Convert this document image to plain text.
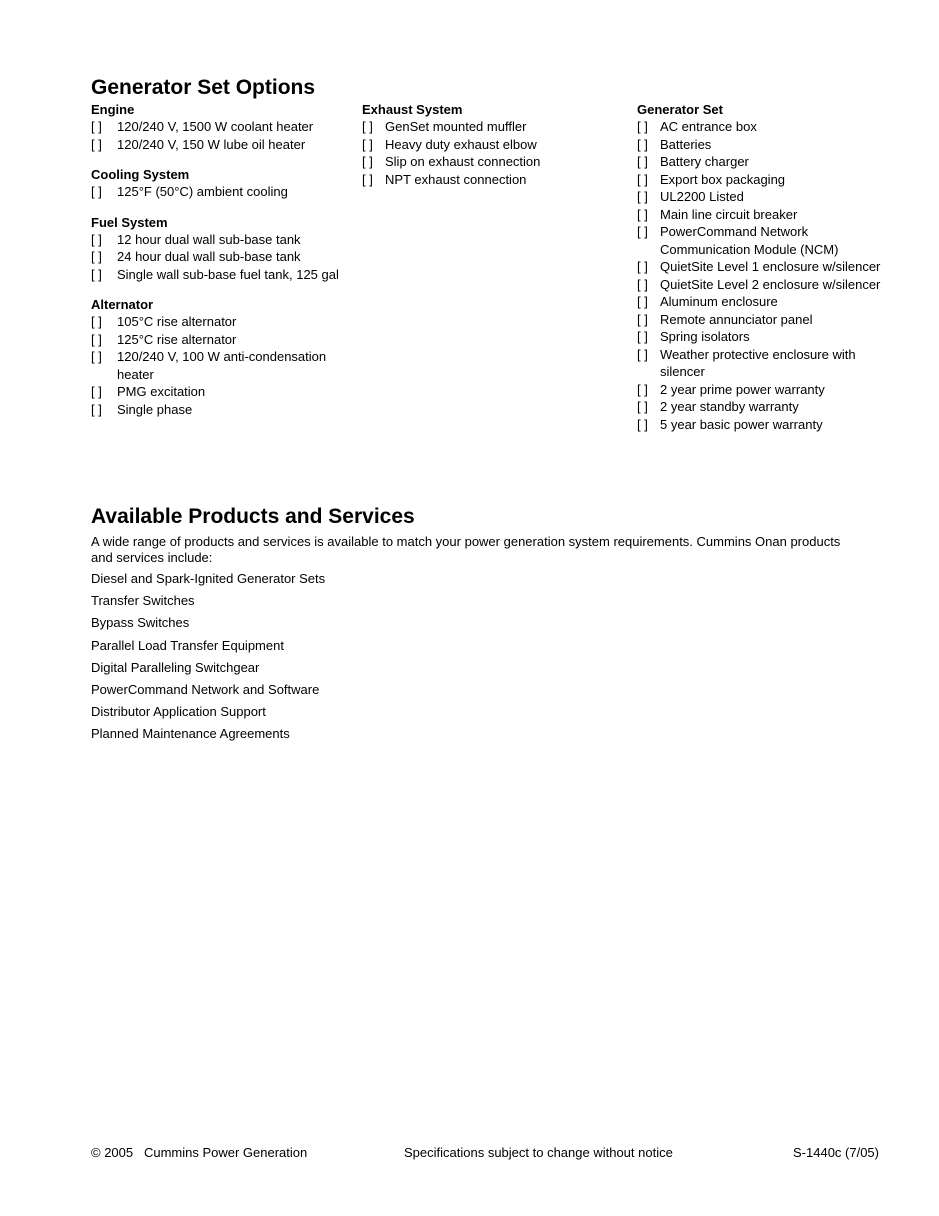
Generator Set Options
Engine
[ ]	120/240 V, 1500 W coolant heater
[ ]	120/240 V, 150 W lube oil heater
Cooling System
[ ]	125°F (50°C) ambient cooling
Fuel System
[ ]	12 hour dual wall sub-base tank
[ ]	24 hour dual wall sub-base tank
[ ]	Single wall sub-base fuel tank, 125 gal
Alternator
[ ]	105°C rise alternator
[ ]	125°C rise alternator
[ ]	120/240 V, 100 W anti-condensation heater
[ ]	PMG excitation
[ ]	Single phase
Exhaust System
[ ] GenSet mounted muffler
[ ] Heavy duty exhaust elbow
[ ] Slip on exhaust connection
[ ] NPT exhaust connection
Generator Set
[ ] AC entrance box
[ ] Batteries
[ ] Battery charger
[ ] Export box packaging
[ ] UL2200 Listed
[ ] Main line circuit breaker
[ ] PowerCommand Network Communication Module (NCM)
[ ] QuietSite Level 1 enclosure w/silencer
[ ] QuietSite Level 2 enclosure w/silencer
[ ] Aluminum enclosure
[ ] Remote annunciator panel
[ ] Spring isolators
[ ] Weather protective enclosure with silencer
[ ] 2 year prime power warranty
[ ] 2 year standby warranty
[ ] 5 year basic power warranty
Available Products and Services
A wide range of products and services is available to match your power generation system requirements. Cummins Onan products and services include:
Diesel and Spark-Ignited Generator Sets
Transfer Switches
Bypass Switches
Parallel Load Transfer Equipment
Digital Paralleling Switchgear
PowerCommand Network and Software
Distributor Application Support
Planned Maintenance Agreements
© 2005   Cummins Power Generation	Specifications subject to change without notice	S-1440c (7/05)
